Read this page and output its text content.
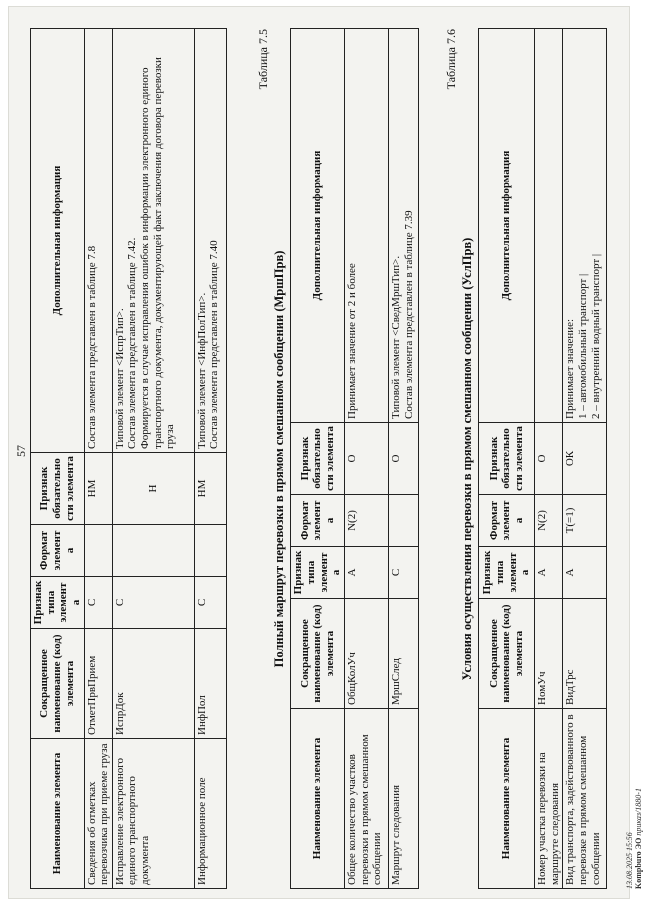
57
Наименование элемента	Сокращенное наименование (код) элемента	Признак типа элемента	Формат элемента	Признак обязательности элемента	Дополнительная информация
Сведения об отметках перевозчика при приеме груза	ОтметПрвПрием	С		НМ	Состав элемента представлен в таблице 7.8
Исправление электронного единого транспортного документа	ИспрДок	С		Н	Типовой элемент <ИспрТип>.
Состав элемента представлен в таблице 7.42.
Формируется в случае исправления ошибок в информации электронного единого транспортного документа, документирующей факт заключения договора перевозки груза
Информационное поле	ИнфПол	С		НМ	Типовой элемент <ИнфПолТип>.
Состав элемента представлен в таблице 7.40
Таблица 7.5
Полный маршрут перевозки в прямом смешанном сообщении (МршПрв)
Наименование элемента	Сокращенное наименование (код) элемента	Признак типа элемента	Формат элемента	Признак обязательности элемента	Дополнительная информация
Общее количество участков перевозки в прямом смешанном сообщении	ОбщКолУч	А	N(2)	О	Принимает значение от 2 и более
Маршрут следования	МршСлед	С		О	Типовой элемент <СведМршТип>.
Состав элемента представлен в таблице 7.39
Таблица 7.6
Условия осуществления перевозки в прямом смешанном сообщении (УслПрв)
Наименование элемента	Сокращенное наименование (код) элемента	Признак типа элемента	Формат элемента	Признак обязательности элемента	Дополнительная информация
Номер участка перевозки на маршруте следования	НомУч	А	N(2)	О	
Вид транспорта, задействованного в перевозке в прямом смешанном сообщении	ВидТрс	А	Т(=1)	ОК	Принимает значение:
1 – автомобильный транспорт |
2 – внутренний водный транспорт |
13.08.2025 15:56 Kompburo ЭО приказ/1880-1
